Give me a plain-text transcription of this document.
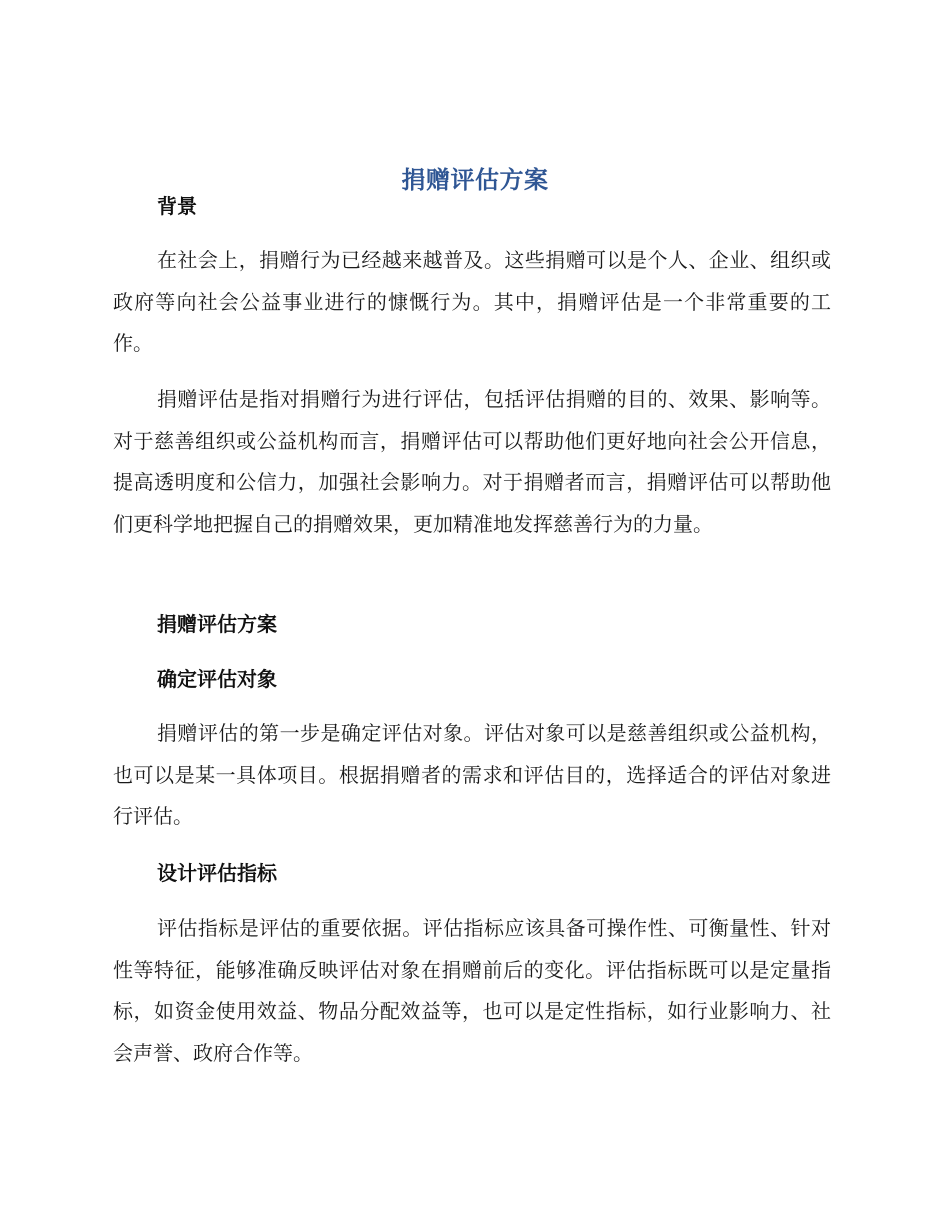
捐赠评估方案
背景

在社会上，捐赠行为已经越来越普及。这些捐赠可以是个人、企业、组织或政府等向社会公益事业进行的慷慨行为。其中，捐赠评估是一个非常重要的工作。

捐赠评估是指对捐赠行为进行评估，包括评估捐赠的目的、效果、影响等。对于慈善组织或公益机构而言，捐赠评估可以帮助他们更好地向社会公开信息，提高透明度和公信力，加强社会影响力。对于捐赠者而言，捐赠评估可以帮助他们更科学地把握自己的捐赠效果，更加精准地发挥慈善行为的力量。

捐赠评估方案
确定评估对象

捐赠评估的第一步是确定评估对象。评估对象可以是慈善组织或公益机构，也可以是某一具体项目。根据捐赠者的需求和评估目的，选择适合的评估对象进行评估。

设计评估指标

评估指标是评估的重要依据。评估指标应该具备可操作性、可衡量性、针对性等特征，能够准确反映评估对象在捐赠前后的变化。评估指标既可以是定量指标，如资金使用效益、物品分配效益等，也可以是定性指标，如行业影响力、社会声誉、政府合作等。
